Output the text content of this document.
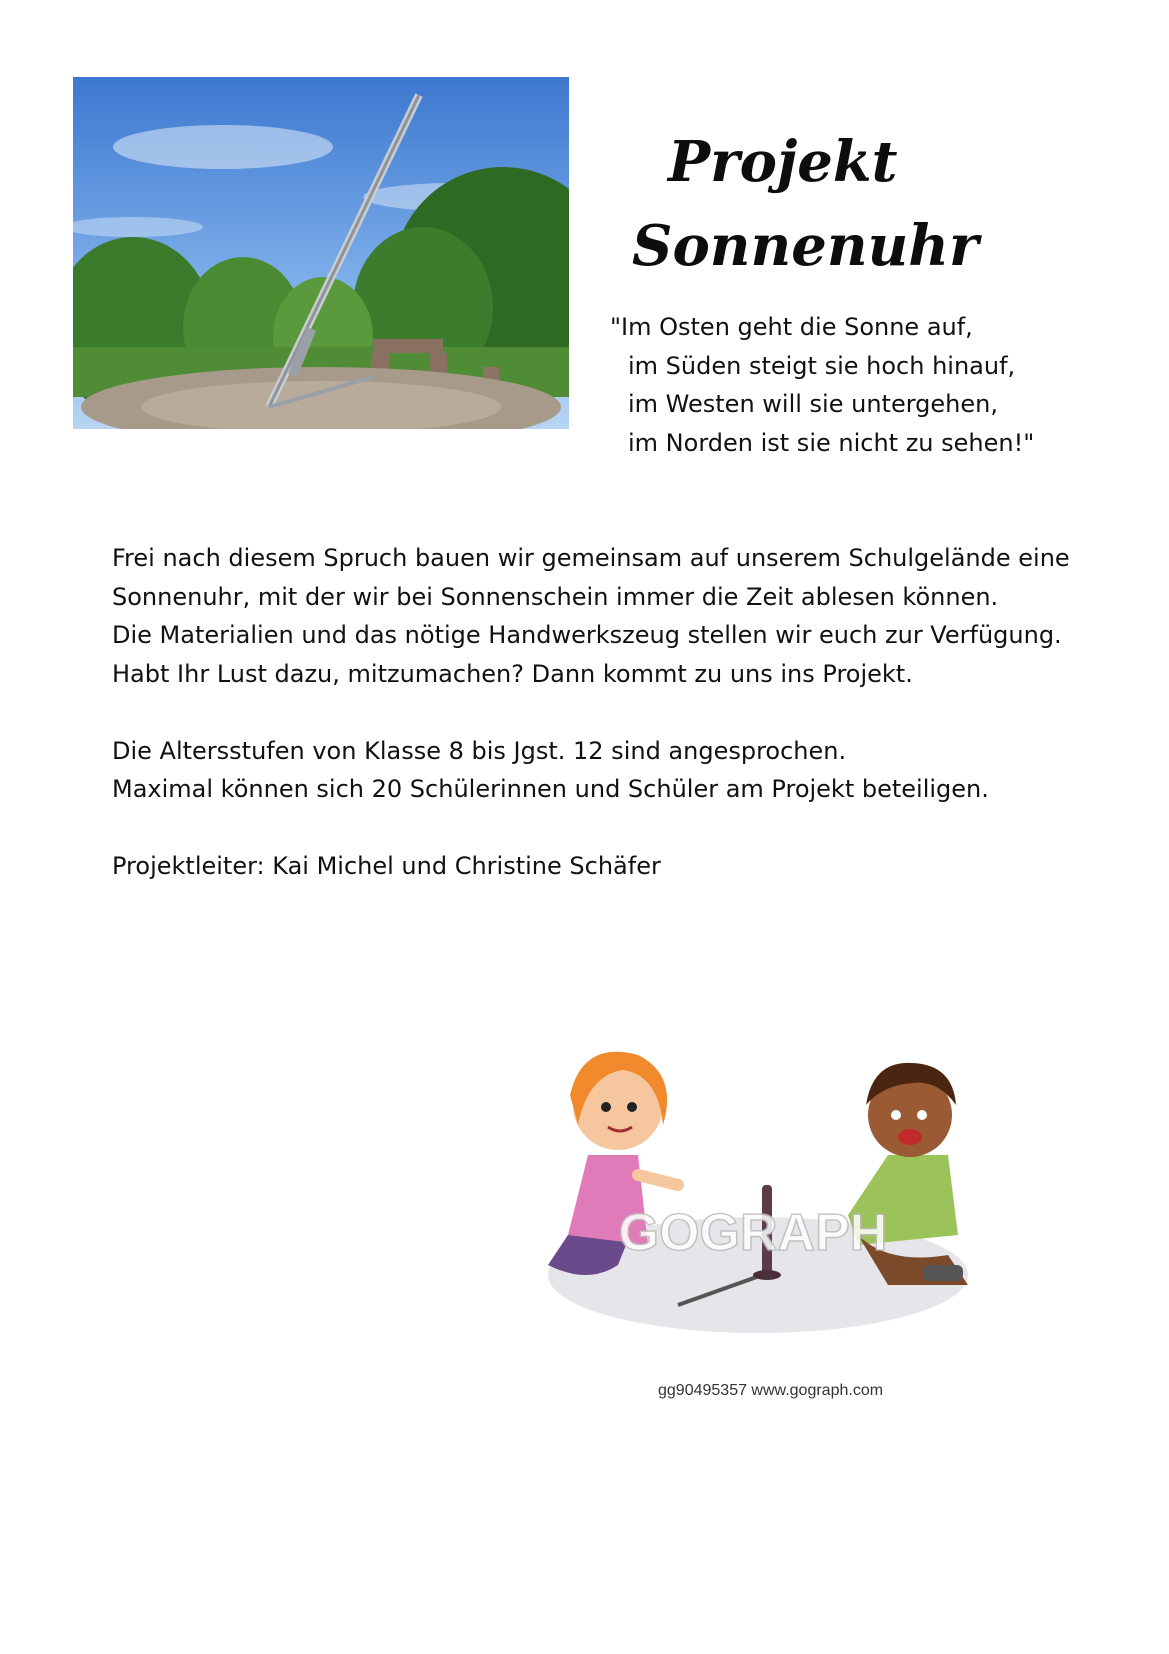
Projekt
Sonnenuhr
"Im Osten geht die Sonne auf,
im Süden steigt sie hoch hinauf,
im Westen will sie untergehen,
im Norden ist sie nicht zu sehen!"

Frei nach diesem Spruch bauen wir gemeinsam auf unserem Schulgelände eine Sonnenuhr, mit der wir bei Sonnenschein immer die Zeit ablesen können.

Die Materialien und das nötige Handwerkszeug stellen wir euch zur Verfügung. Habt Ihr Lust dazu, mitzumachen? Dann kommt zu uns ins Projekt.

Die Altersstufen von Klasse 8 bis Jgst. 12 sind angesprochen.

Maximal können sich 20 Schülerinnen und Schüler am Projekt beteiligen.

Projektleiter: Kai Michel und Christine Schäfer

GOGRAPH
gg90495357 www.gograph.com
